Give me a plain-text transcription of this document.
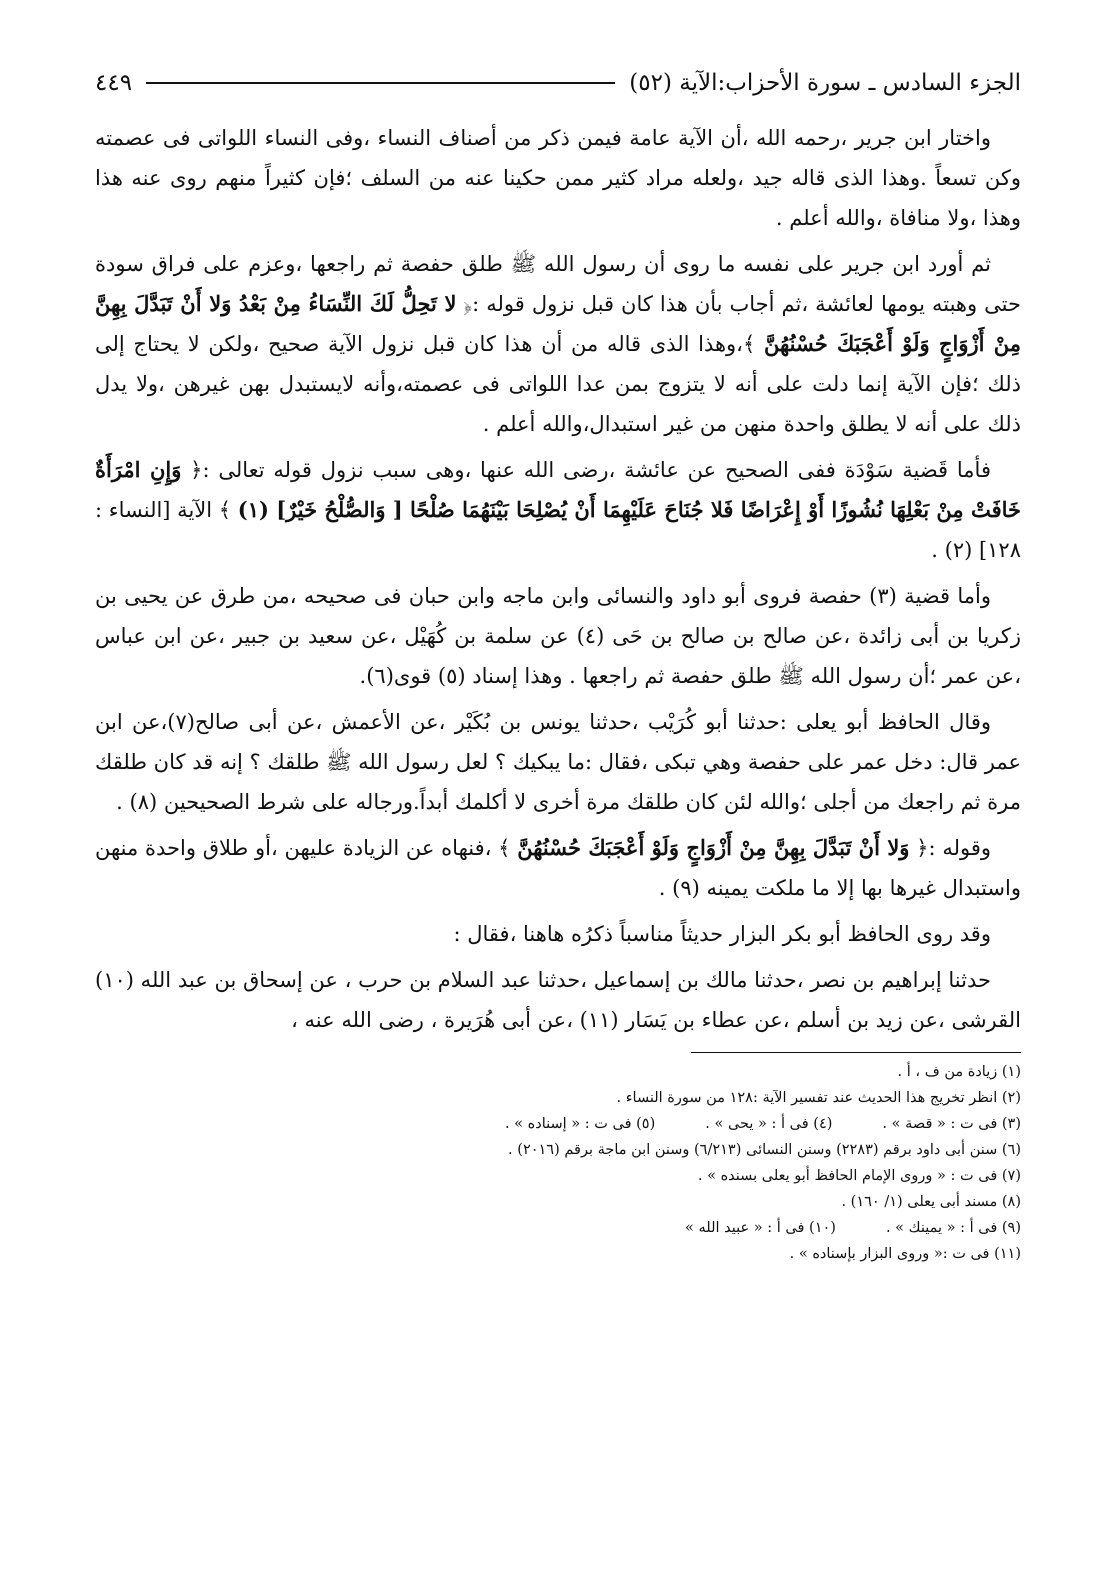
الجزء السادس ـ سورة الأحزاب:الآية (٥٢)
٤٤٩

واختار ابن جرير ،رحمه الله ،أن الآية عامة فيمن ذكر من أصناف النساء ،وفى النساء اللواتى فى عصمته وكن تسعاً .وهذا الذى قاله جيد ،ولعله مراد كثير ممن حكينا عنه من السلف ؛فإن كثيراً منهم روى عنه هذا وهذا ،ولا منافاة ،والله أعلم .

ثم أورد ابن جرير على نفسه ما روى أن رسول الله ﷺ طلق حفصة ثم راجعها ،وعزم على فراق سودة حتى وهبته يومها لعائشة ،ثم أجاب بأن هذا كان قبل نزول قوله :﴿ لا تَحِلُّ لَكَ النِّسَاءُ مِنْ بَعْدُ وَلا أَنْ تَبَدَّلَ بِهِنَّ مِنْ أَزْوَاجٍ وَلَوْ أَعْجَبَكَ حُسْنُهُنَّ ﴾،وهذا الذى قاله من أن هذا كان قبل نزول الآية صحيح ،ولكن لا يحتاج إلى ذلك ؛فإن الآية إنما دلت على أنه لا يتزوج بمن عدا اللواتى فى عصمته،وأنه لايستبدل بهن غيرهن ،ولا يدل ذلك على أنه لا يطلق واحدة منهن من غير استبدال،والله أعلم .

فأما قَضية سَوْدَة ففى الصحيح عن عائشة ،رضى الله عنها ،وهى سبب نزول قوله تعالى :﴿ وَإِنِ امْرَأَةٌ خَافَتْ مِنْ بَعْلِهَا نُشُوزًا أَوْ إِعْرَاضًا فَلا جُنَاحَ عَلَيْهِمَا أَنْ يُصْلِحَا بَيْنَهُمَا صُلْحًا [ وَالصُّلْحُ خَيْرٌ] (١) ﴾ الآية [النساء : ١٢٨] (٢) .

وأما قضية (٣) حفصة فروى أبو داود والنسائى وابن ماجه وابن حبان فى صحيحه ،من طرق عن يحيى بن زكريا بن أبى زائدة ،عن صالح بن صالح بن حَى (٤) عن سلمة بن كُهَيْل ،عن سعيد بن جبير ،عن ابن عباس ،عن عمر ؛أن رسول الله ﷺ طلق حفصة ثم راجعها . وهذا إسناد (٥) قوى(٦).

وقال الحافظ أبو يعلى :حدثنا أبو كُرَيْب ،حدثنا يونس بن بُكَيْر ،عن الأعمش ،عن أبى صالح(٧)،عن ابن عمر قال: دخل عمر على حفصة وهي تبكى ،فقال :ما يبكيك ؟ لعل رسول الله ﷺ طلقك ؟ إنه قد كان طلقك مرة ثم راجعك من أجلى ؛والله لئن كان طلقك مرة أخرى لا أكلمك أبداً.ورجاله على شرط الصحيحين (٨) .

وقوله :﴿ وَلا أَنْ تَبَدَّلَ بِهِنَّ مِنْ أَزْوَاجٍ وَلَوْ أَعْجَبَكَ حُسْنُهُنَّ ﴾ ،فنهاه عن الزيادة عليهن ،أو طلاق واحدة منهن واستبدال غيرها بها إلا ما ملكت يمينه (٩) .

وقد روى الحافظ أبو بكر البزار حديثاً مناسباً ذكرُه هاهنا ،فقال :

حدثنا إبراهيم بن نصر ،حدثنا مالك بن إسماعيل ،حدثنا عبد السلام بن حرب ، عن إسحاق بن عبد الله (١٠) القرشى ،عن زيد بن أسلم ،عن عطاء بن يَسَار (١١) ،عن أبى هُرَيرة ، رضى الله عنه ،

(١) زيادة من ف ، أ .

(٢) انظر تخريج هذا الحديث عند تفسير الآية :١٢٨ من سورة النساء .

(٣) فى ت : « قصة » .
(٤) فى أ : « يحى » .
(٥) فى ت : « إسناده » .

(٦) سنن أبى داود برقم (٢٢٨٣) وسنن النسائى (٦/٢١٣) وسنن ابن ماجة برقم (٢٠١٦) .

(٧) فى ت : « وروى الإمام الحافظ أبو يعلى بسنده » .

(٨) مسند أبى يعلى (١/ ١٦٠) .

(٩) فى أ : « يمينك » .
(١٠) فى أ : « عبيد الله »

(١١) فى ت :« وروى البزار بإسناده » .
